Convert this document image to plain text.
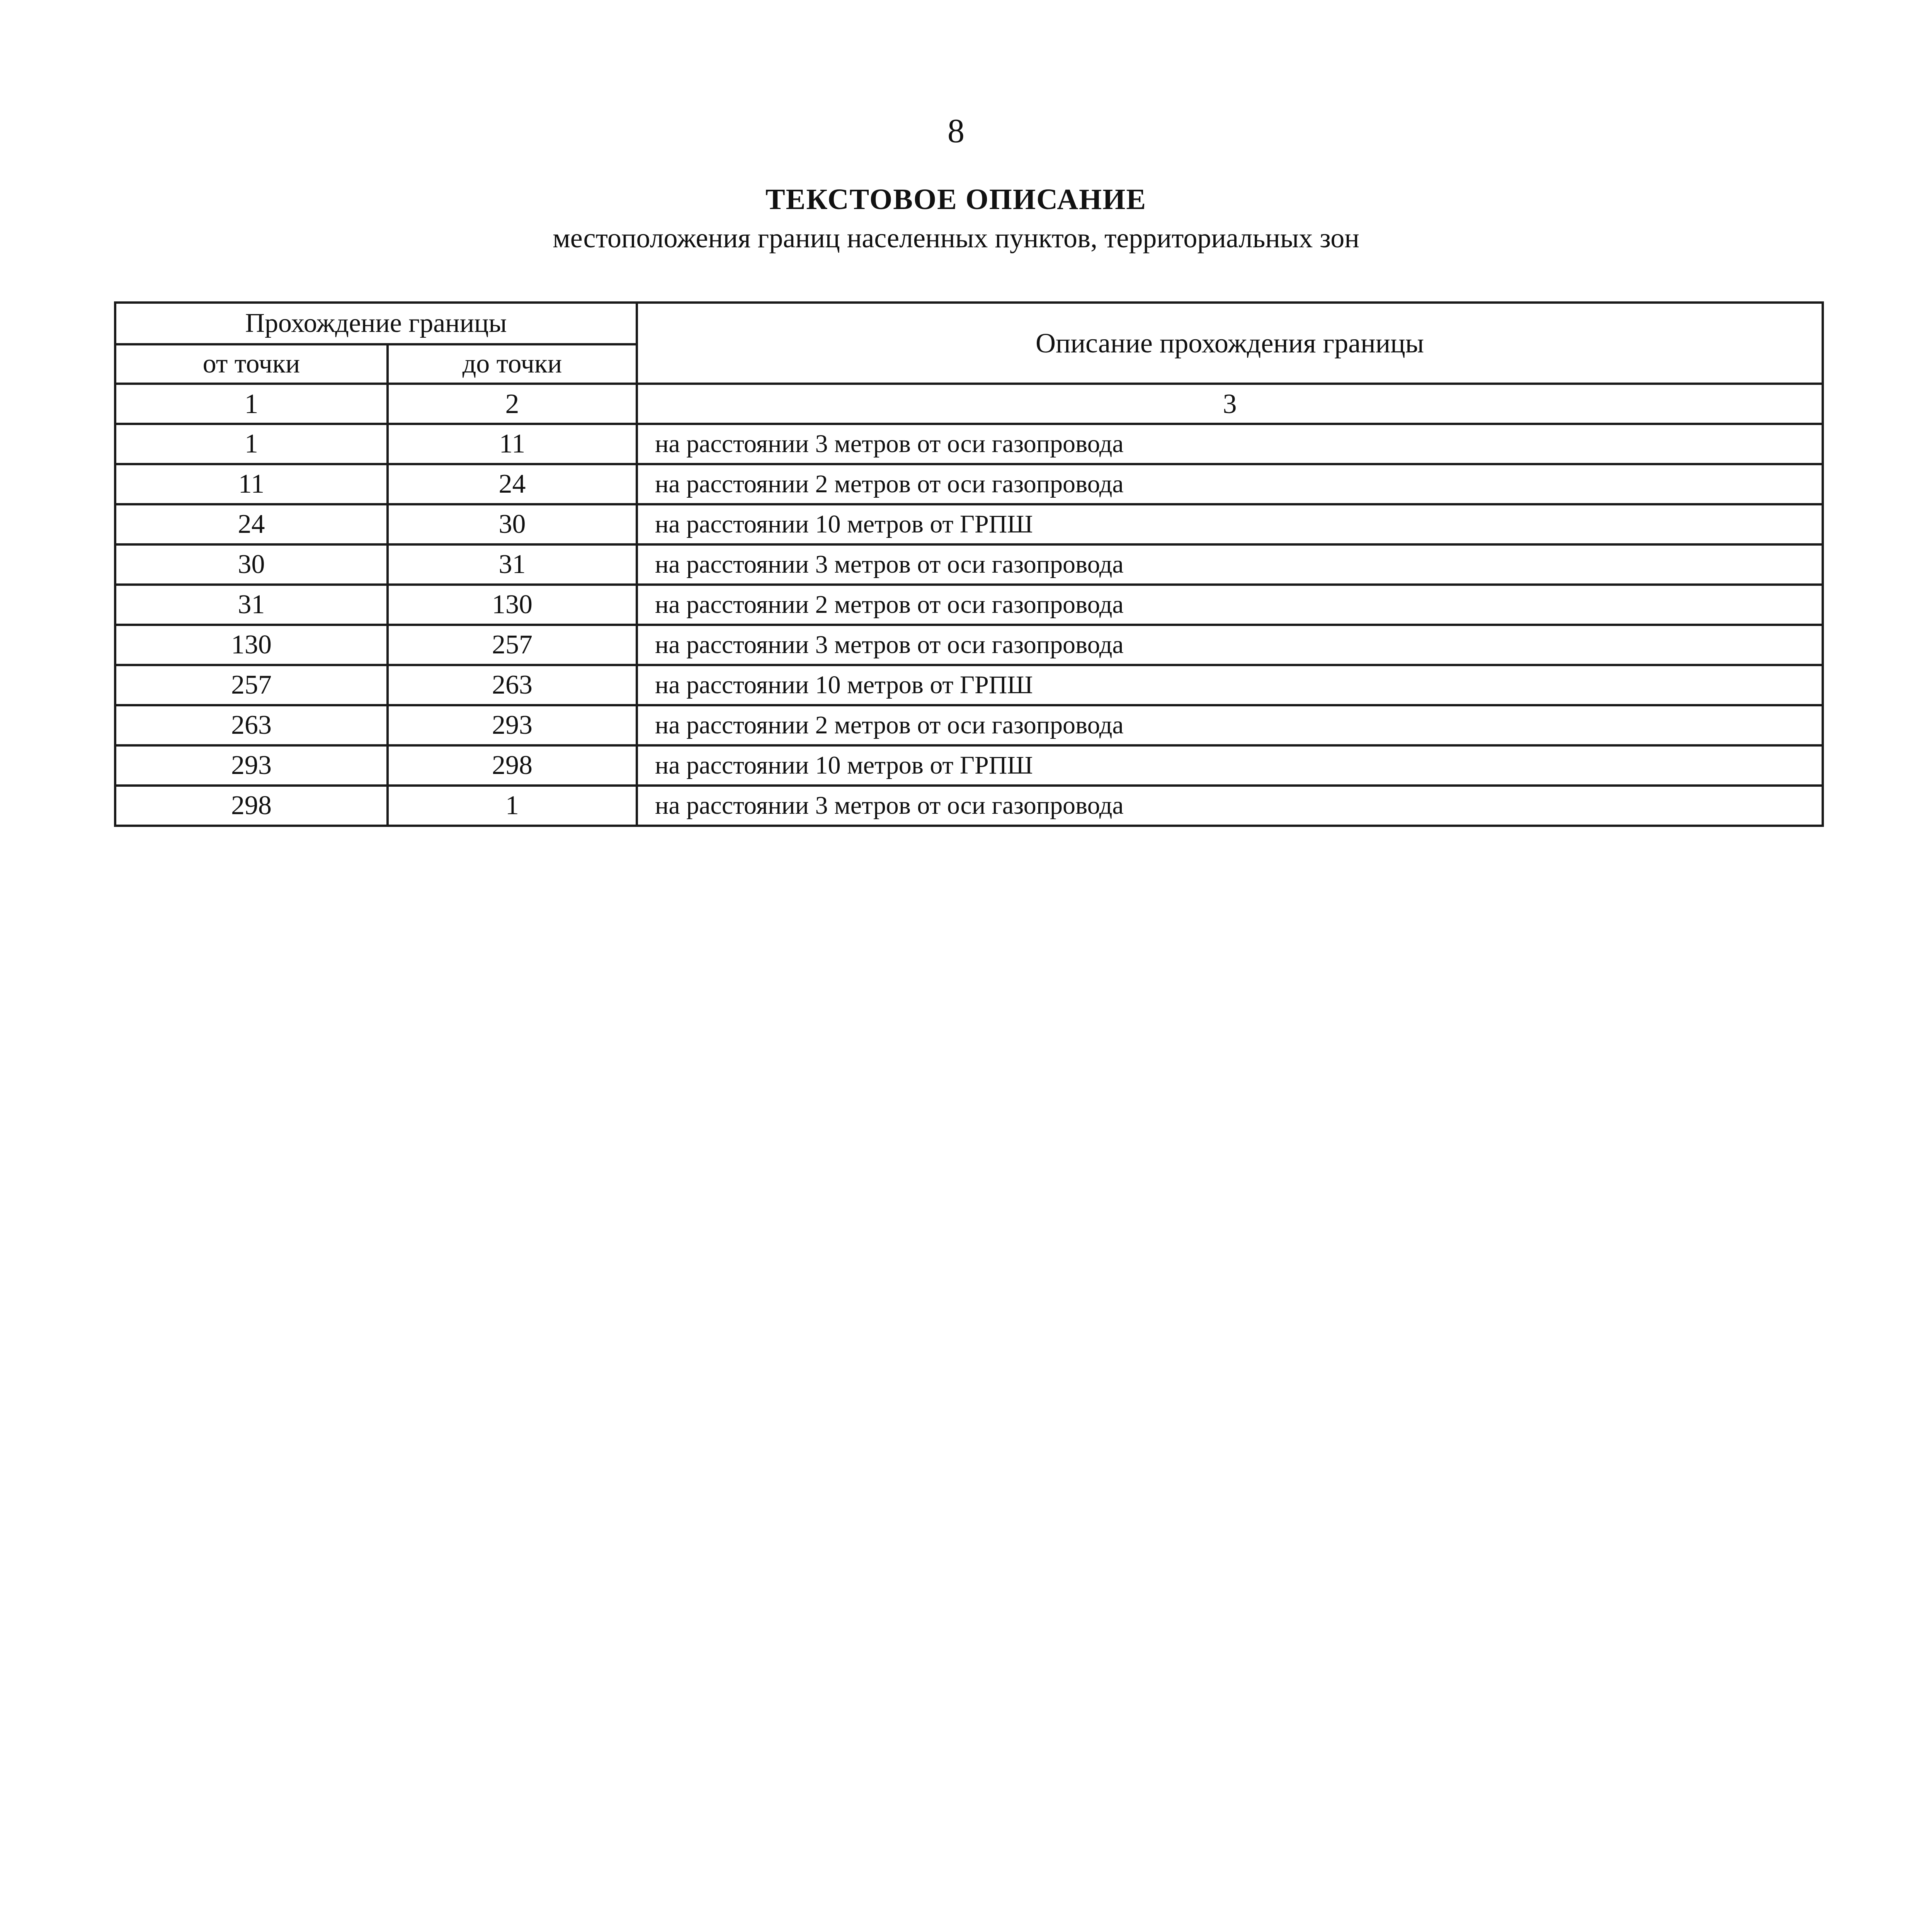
8
ТЕКСТОВОЕ ОПИСАНИЕ
местоположения границ населенных пунктов, территориальных зон
Прохождение границы		Описание прохождения границы
от точки	до точки	
1	2	3
1	11	на расстоянии 3 метров от оси газопровода
11	24	на расстоянии 2 метров от оси газопровода
24	30	на расстоянии 10 метров от ГРПШ
30	31	на расстоянии 3 метров от оси газопровода
31	130	на расстоянии 2 метров от оси газопровода
130	257	на расстоянии 3 метров от оси газопровода
257	263	на расстоянии 10 метров от ГРПШ
263	293	на расстоянии 2 метров от оси газопровода
293	298	на расстоянии 10 метров от ГРПШ
298	1	на расстоянии 3 метров от оси газопровода
